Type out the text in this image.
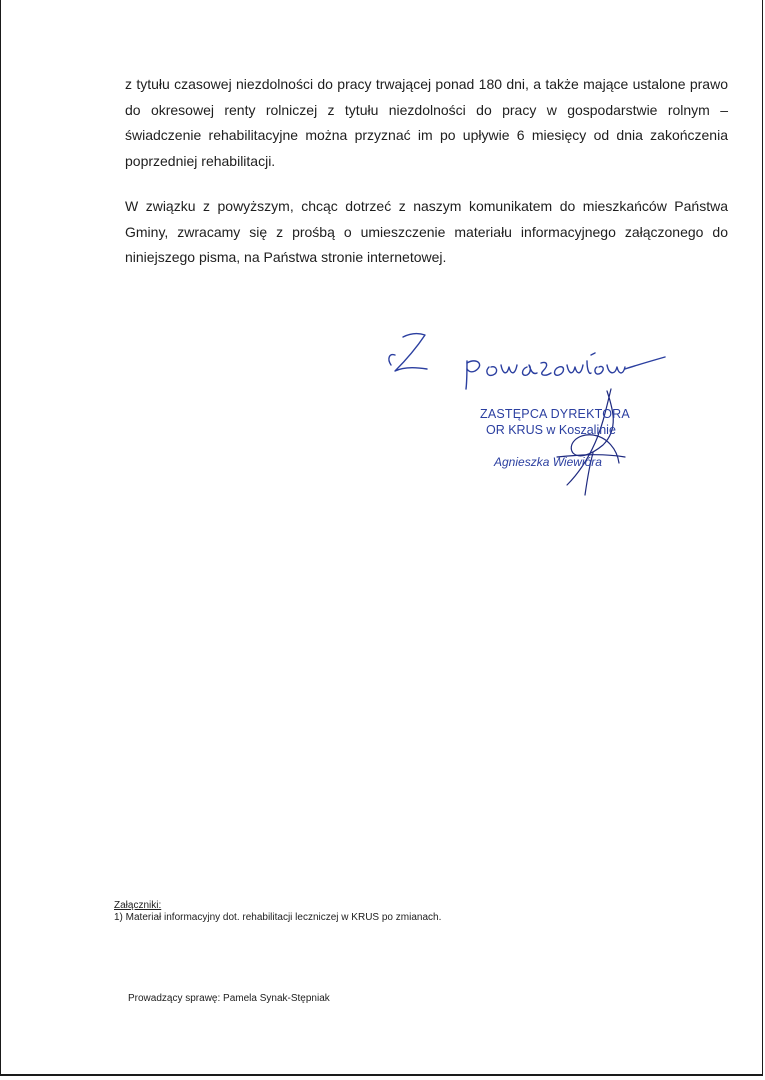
z tytułu czasowej niezdolności do pracy trwającej ponad 180 dni, a także mające ustalone prawo do okresowej renty rolniczej z tytułu niezdolności do pracy w gospodarstwie rolnym – świadczenie rehabilitacyjne można przyznać im po upływie 6 miesięcy od dnia zakończenia poprzedniej rehabilitacji.

W związku z powyższym, chcąc dotrzeć z naszym komunikatem do mieszkańców Państwa Gminy, zwracamy się z prośbą o umieszczenie materiału informacyjnego załączonego do niniejszego pisma, na Państwa stronie internetowej.

ZASTĘPCA DYREKTORA
OR KRUS w Koszalinie
Agnieszka Wiewióra
Załączniki:
1) Materiał informacyjny dot. rehabilitacji leczniczej w KRUS po zmianach.
Prowadzący sprawę: Pamela Synak-Stępniak
